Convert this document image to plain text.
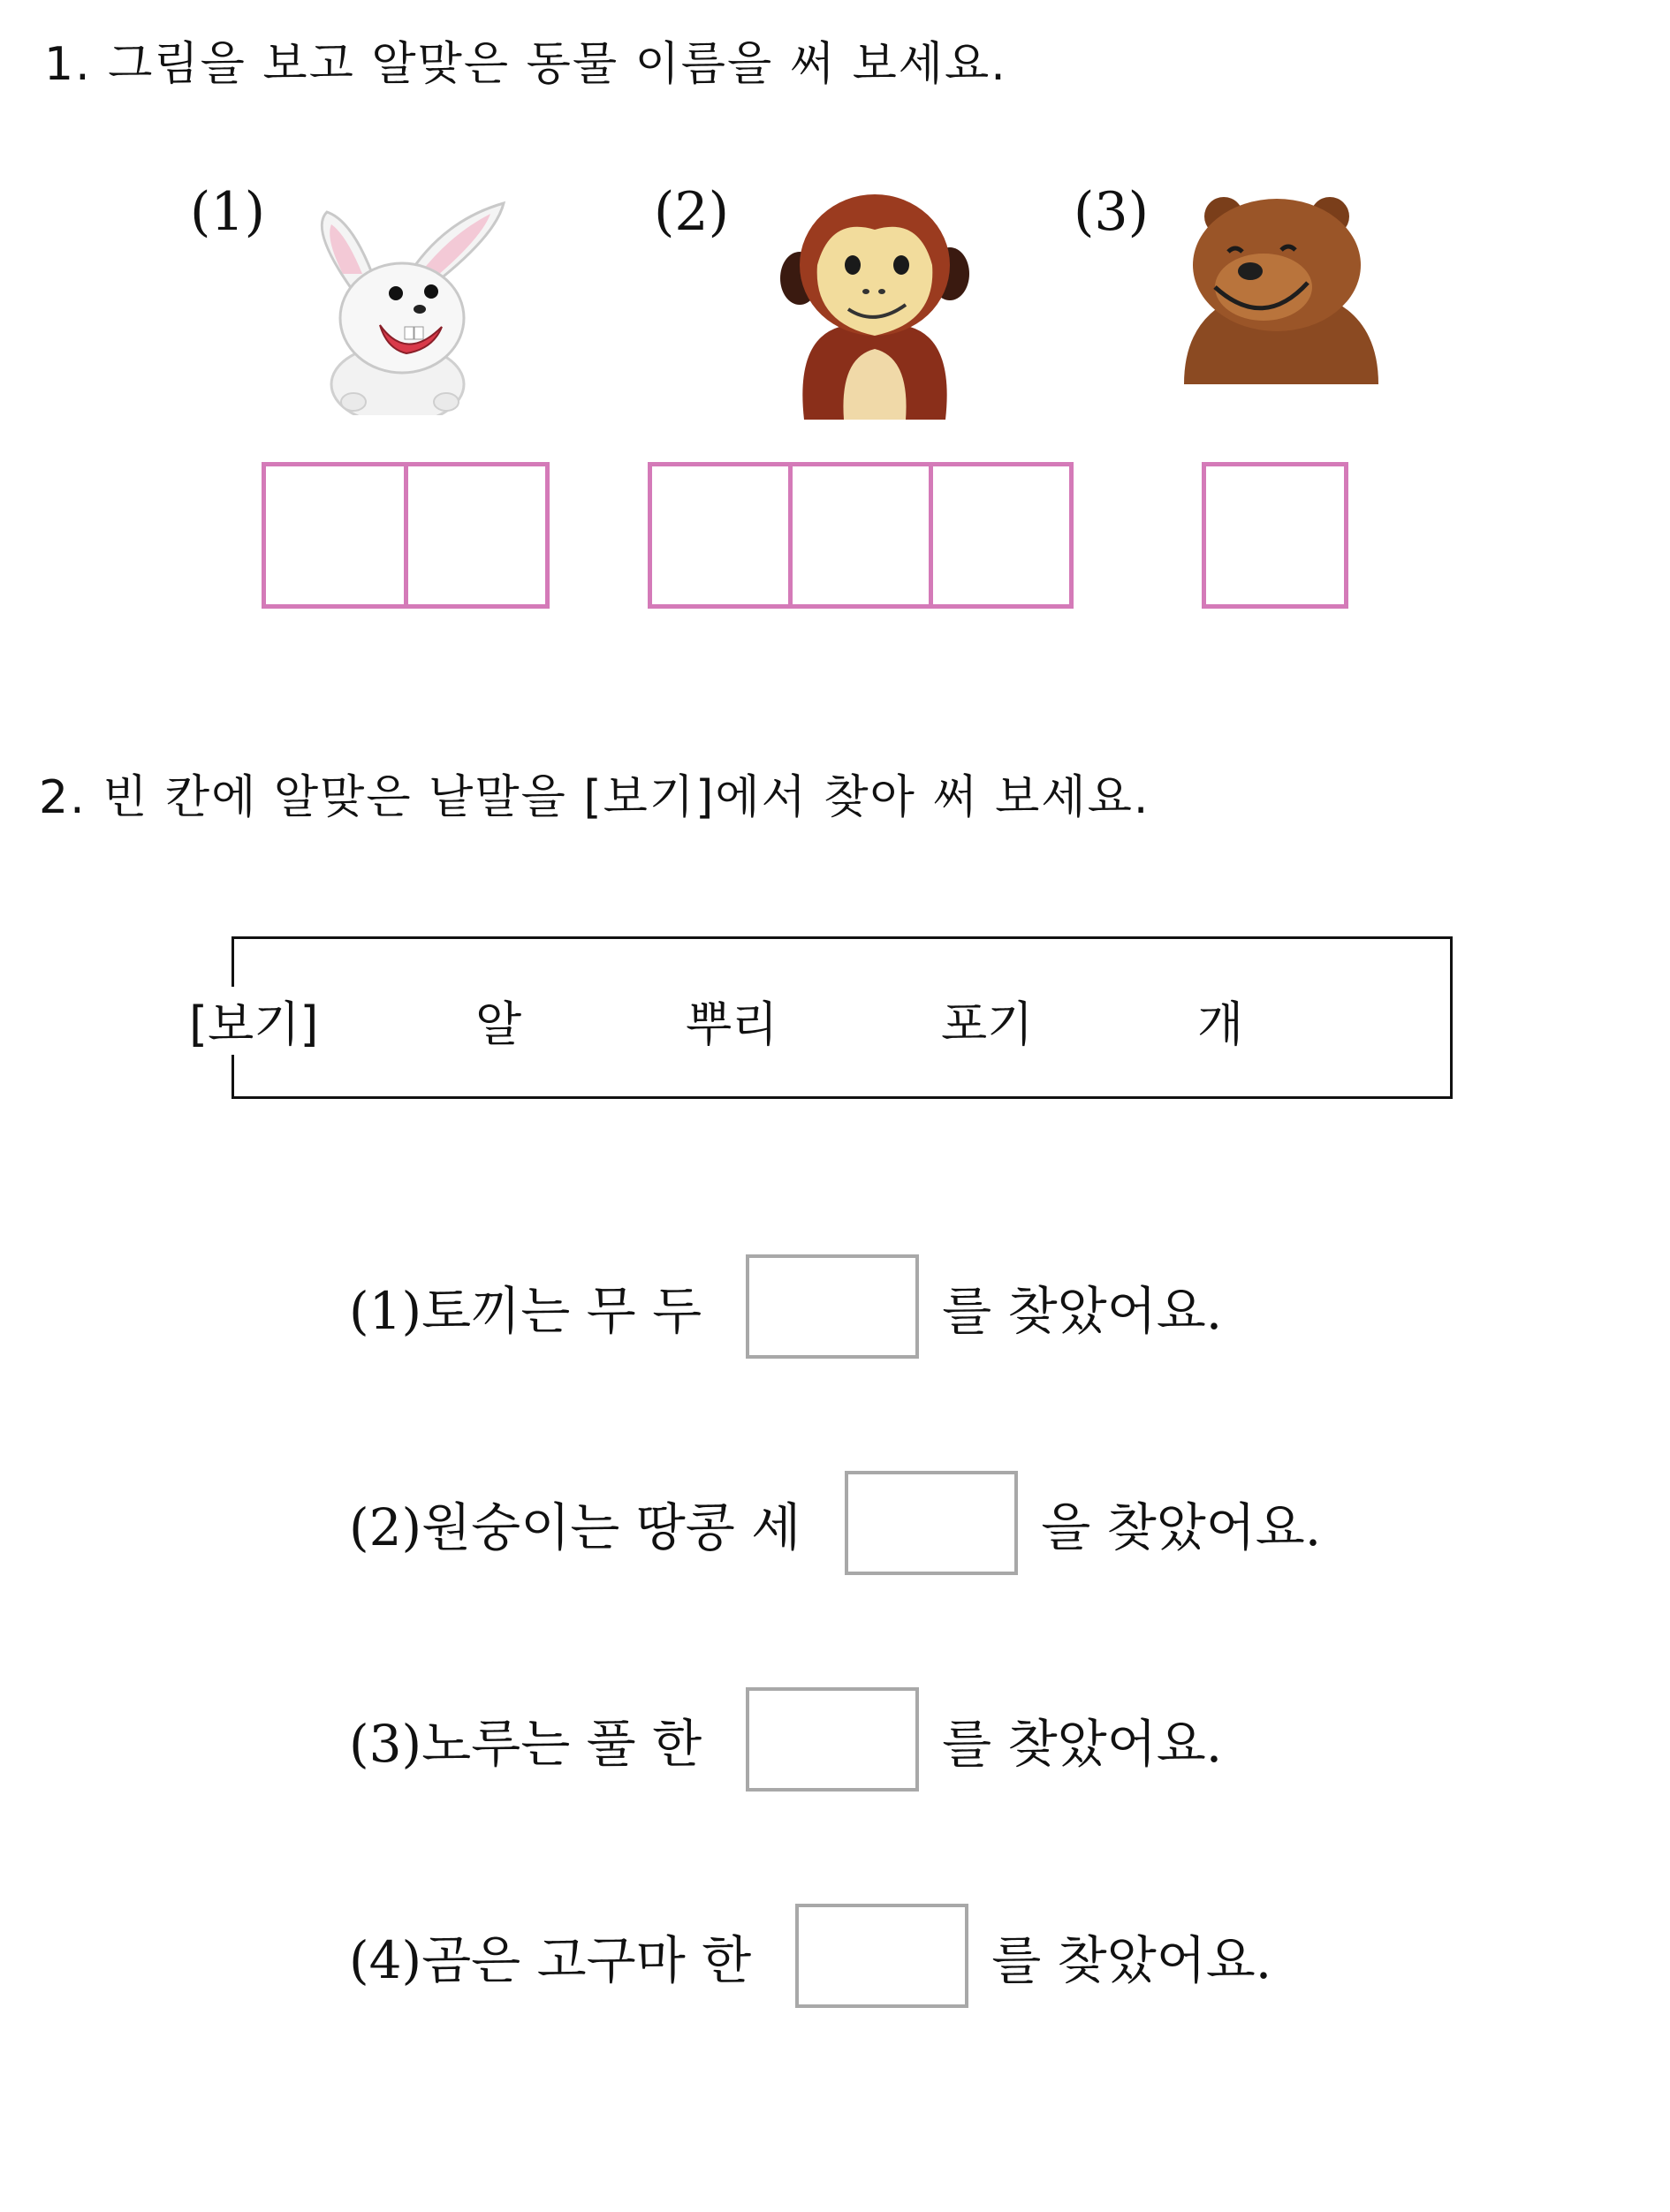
1. 그림을 보고 알맞은 동물 이름을 써 보세요.
(1)	(2)	(3)
2. 빈 칸에 알맞은 낱말을 [보기]에서 찾아 써 보세요.
[보기]	알	뿌리	포기	개
(1)토끼는 무 두	를 찾았어요.
(2)원숭이는 땅콩 세	을 찾았어요.
(3)노루는 풀 한	를 찾았어요.
(4)곰은 고구마 한	를 찾았어요.
